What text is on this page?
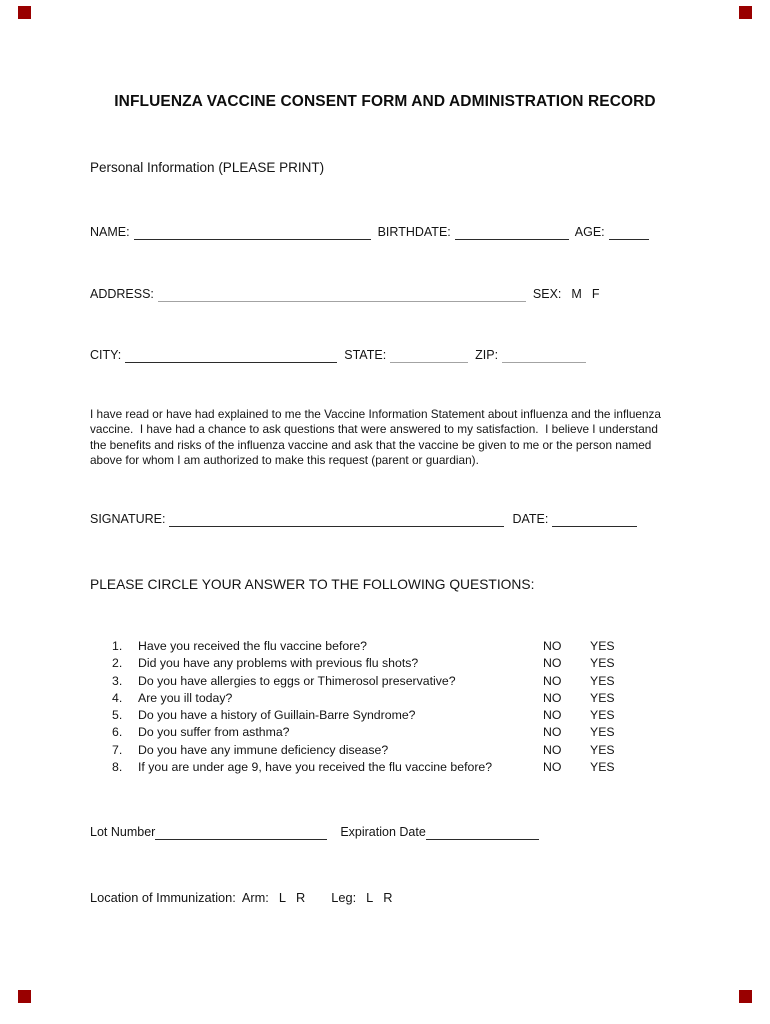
INFLUENZA VACCINE CONSENT FORM AND ADMINISTRATION RECORD
Personal Information (PLEASE PRINT)
NAME:	BIRTHDATE:	AGE:
ADDRESS:	SEX: M F
CITY:	STATE:	ZIP:
I have read or have had explained to me the Vaccine Information Statement about influenza and the influenza vaccine.  I have had a chance to ask questions that were answered to my satisfaction.  I believe I understand the benefits and risks of the influenza vaccine and ask that the vaccine be given to me or the person named above for whom I am authorized to make this request (parent or guardian).
SIGNATURE:	DATE:
PLEASE CIRCLE YOUR ANSWER TO THE FOLLOWING QUESTIONS:
1.	Have you received the flu vaccine before?	NO	YES
2.	Did you have any problems with previous flu shots?	NO	YES
3.	Do you have allergies to eggs or Thimerosol preservative?	NO	YES
4.	Are you ill today?	NO	YES
5.	Do you have a history of Guillain-Barre Syndrome?	NO	YES
6.	Do you suffer from asthma?	NO	YES
7.	Do you have any immune deficiency disease?	NO	YES
8.	If you are under age 9, have you received the flu vaccine before?	NO	YES
Lot Number	Expiration Date
Location of Immunization: Arm: L R Leg: L R
